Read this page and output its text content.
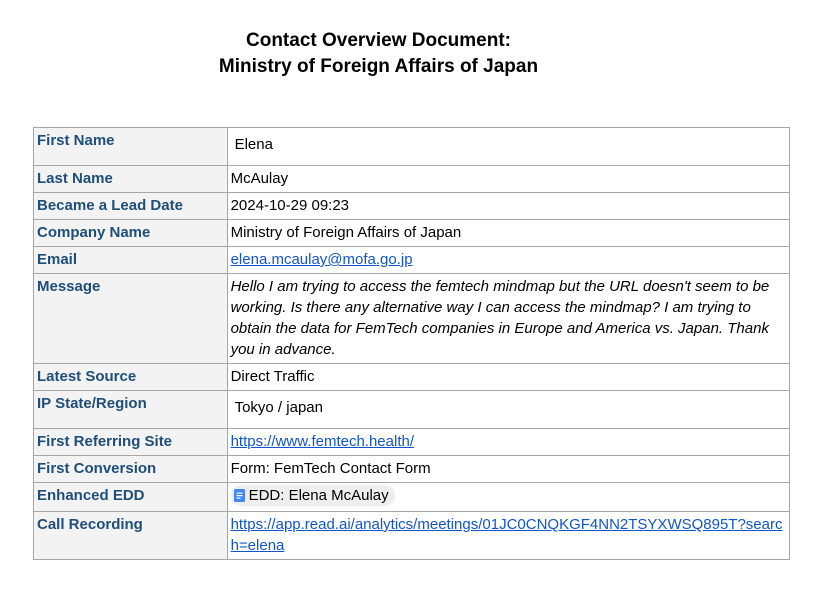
Contact Overview Document:
Ministry of Foreign Affairs of Japan
First Name	Elena
Last Name	McAulay
Became a Lead Date	2024-10-29 09:23
Company Name	Ministry of Foreign Affairs of Japan
Email	elena.mcaulay@mofa.go.jp
Message	Hello I am trying to access the femtech mindmap but the URL doesn't seem to be working. Is there any alternative way I can access the mindmap? I am trying to obtain the data for FemTech companies in Europe and America vs. Japan. Thank you in advance.
Latest Source	Direct Traffic
IP State/Region	Tokyo / japan
First Referring Site	https://www.femtech.health/
First Conversion	Form: FemTech Contact Form
Enhanced EDD	EDD: Elena McAulay

Call Recording	https://app.read.ai/analytics/meetings/01JC0CNQKGF4NN2TSYXWSQ895T?search=elena
